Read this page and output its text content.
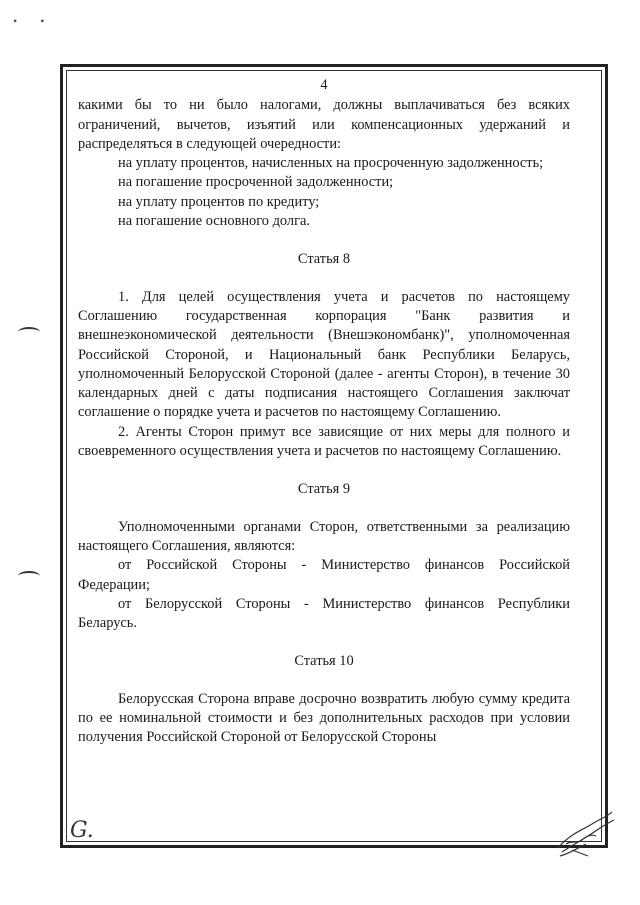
• •
4

какими бы то ни было налогами, должны выплачиваться без всяких

ограничений, вычетов, изъятий или компенсационных удержаний и распределяться в следующей очередности:

на уплату процентов, начисленных на просроченную задолженность;

на погашение просроченной задолженности;

на уплату процентов по кредиту;

на погашение основного долга.

Статья 8

1. Для целей осуществления учета и расчетов по настоящему Соглашению государственная корпорация "Банк развития и внешнеэкономической деятельности (Внешэкономбанк)", уполномоченная Российской Стороной, и Национальный банк Республики Беларусь, уполномоченный Белорусской Стороной (далее - агенты Сторон), в течение 30 календарных дней с даты подписания настоящего Соглашения заключат соглашение о порядке учета и расчетов по настоящему Соглашению.

2. Агенты Сторон примут все зависящие от них меры для полного и своевременного осуществления учета и расчетов по настоящему Соглашению.

Статья 9

Уполномоченными органами Сторон, ответственными за реализацию настоящего Соглашения, являются:

от Российской Стороны - Министерство финансов Российской Федерации;

от Белорусской Стороны - Министерство финансов Республики Беларусь.

Статья 10

Белорусская Сторона вправе досрочно возвратить любую сумму кредита по ее номинальной стоимости и без дополнительных расходов при условии получения Российской Стороной от Белорусской Стороны

G.
